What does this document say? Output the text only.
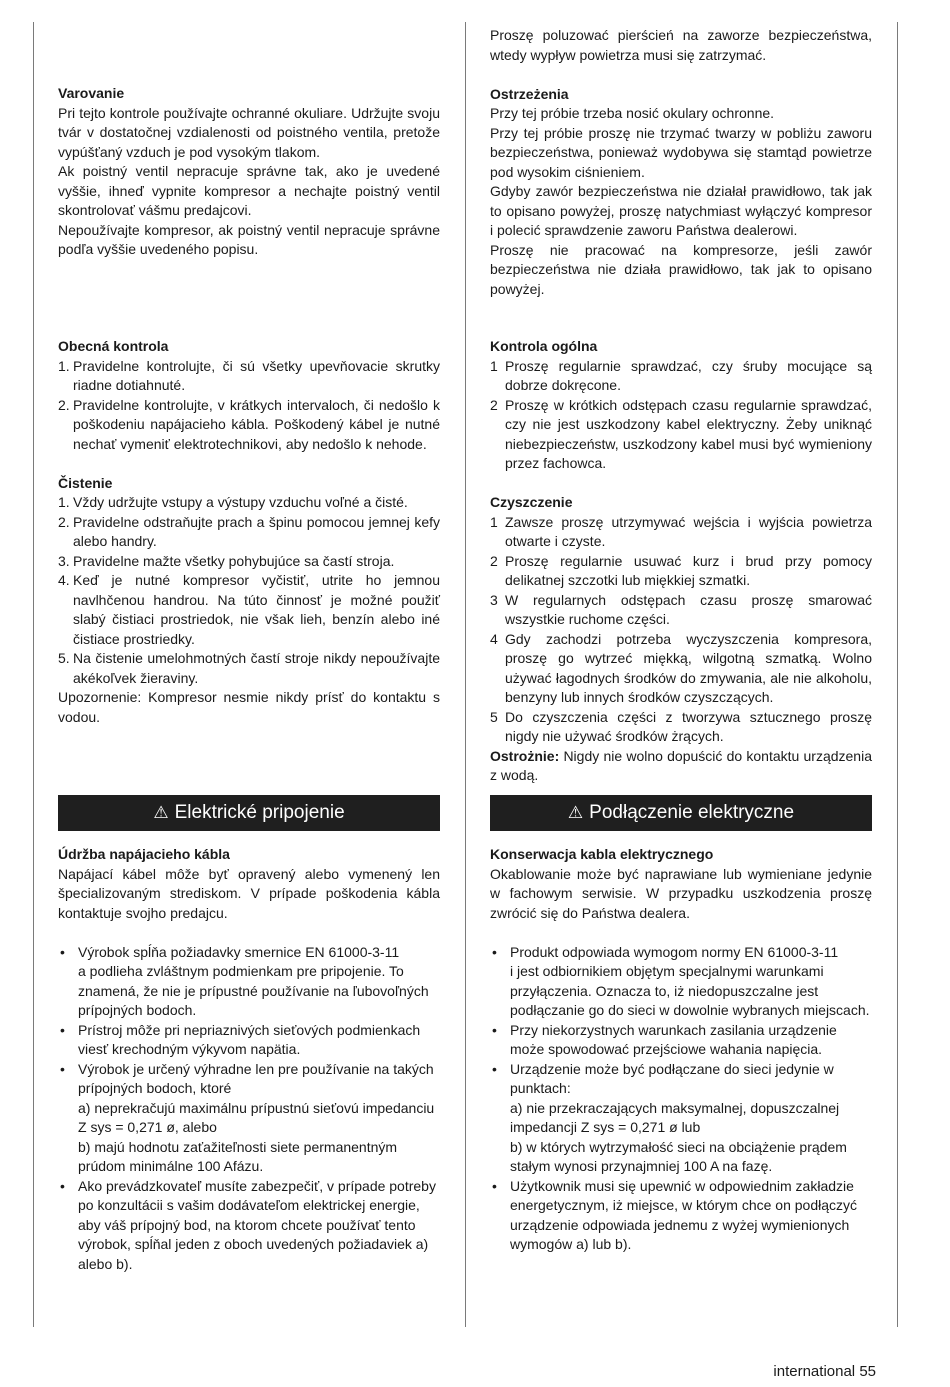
Varovanie

Pri tejto kontrole používajte ochranné okuliare. Udržujte svoju tvár v dostatočnej vzdialenosti od poistného ventila, pretože vypúšťaný vzduch je pod vysokým tlakom.

Ak poistný ventil nepracuje správne tak, ako je uvedené vyššie, ihneď vypnite kompresor a nechajte poistný ventil skontrolovať vášmu predajcovi.

Nepoužívajte kompresor, ak poistný ventil nepracuje správne podľa vyššie uvedeného popisu.

Obecná kontrola

1. Pravidelne kontrolujte, či sú všetky upevňovacie skrutky riadne dotiahnuté.
2. Pravidelne kontrolujte, v krátkych intervaloch, či nedošlo k poškodeniu napájacieho kábla. Poškodený kábel je nutné nechať vymeniť elektrotechnikovi, aby nedošlo k nehode.

Čistenie

1. Vždy udržujte vstupy a výstupy vzduchu voľné a čisté.
2. Pravidelne odstraňujte prach a špinu pomocou jemnej kefy alebo handry.
3. Pravidelne mažte všetky pohybujúce sa častí stroja.
4. Keď je nutné kompresor vyčistiť, utrite ho jemnou navlhčenou handrou. Na túto činnosť je možné použiť slabý čistiaci prostriedok, nie však lieh, benzín alebo iné čistiace prostriedky.
5. Na čistenie umelohmotných častí stroje nikdy nepoužívajte akékoľvek žieraviny.

Upozornenie: Kompresor nesmie nikdy prísť do kontaktu s vodou.

⚠ Elektrické pripojenie

Údržba napájacieho kábla

Napájací kábel môže byť opravený alebo vymenený len špecializovaným strediskom. V prípade poškodenia kábla kontaktuje svojho predajcu.

• Výrobok spĺňa požiadavky smernice EN 61000-3-11
a podlieha zvláštnym podmienkam pre pripojenie. To znamená, že nie je prípustné používanie na ľubovoľných prípojných bodoch.
• Prístroj môže pri nepriaznivých sieťových podmienkach viesť krechodným výkyvom napätia.
• Výrobok je určený výhradne len pre používanie na takých prípojných bodoch, ktoré
a) neprekračujú maximálnu prípustnú sieťovú impedanciu Z sys = 0,271 ø, alebo
b) majú hodnotu zaťažiteľnosti siete permanentným prúdom minimálne 100 Afázu.
• Ako prevádzkovateľ musíte zabezpečiť, v prípade potreby po konzultácii s vašim dodávateľom elektrickej energie, aby váš prípojný bod, na ktorom chcete používať tento výrobok, spĺňal jeden z oboch uvedených požiadaviek a) alebo b).

Proszę poluzować pierścień na zaworze bezpieczeństwa, wtedy wypływ powietrza musi się zatrzymać.

Ostrzeżenia

Przy tej próbie trzeba nosić okulary ochronne.

Przy tej próbie proszę nie trzymać twarzy w pobliżu zaworu bezpieczeństwa, ponieważ wydobywa się stamtąd powietrze pod wysokim ciśnieniem.

Gdyby zawór bezpieczeństwa nie działał prawidłowo, tak jak to opisano powyżej, proszę natychmiast wyłączyć kompresor i polecić sprawdzenie zaworu Państwa dealerowi.

Proszę nie pracować na kompresorze, jeśli zawór bezpieczeństwa nie działa prawidłowo, tak jak to opisano powyżej.

Kontrola ogólna

1 Proszę regularnie sprawdzać, czy śruby mocujące są dobrze dokręcone.
2 Proszę w krótkich odstępach czasu regularnie sprawdzać, czy nie jest uszkodzony kabel elektryczny. Żeby uniknąć niebezpieczeństw, uszkodzony kabel musi być wymieniony przez fachowca.

Czyszczenie

1 Zawsze proszę utrzymywać wejścia i wyjścia powietrza otwarte i czyste.
2 Proszę regularnie usuwać kurz i brud przy pomocy delikatnej szczotki lub miękkiej szmatki.
3 W regularnych odstępach czasu proszę smarować wszystkie ruchome części.
4 Gdy zachodzi potrzeba wyczyszczenia kompresora, proszę go wytrzeć miękką, wilgotną szmatką. Wolno używać łagodnych środków do zmywania, ale nie alkoholu, benzyny lub innych środków czyszczących.
5 Do czyszczenia części z tworzywa sztucznego proszę nigdy nie używać środków żrących.

Ostrożnie: Nigdy nie wolno dopuścić do kontaktu urządzenia z wodą.

⚠ Podłączenie elektryczne

Konserwacja kabla elektrycznego

Okablowanie może być naprawiane lub wymieniane jedynie w fachowym serwisie. W przypadku uszkodzenia proszę zwrócić się do Państwa dealera.

• Produkt odpowiada wymogom normy EN 61000-3-11
i jest odbiornikiem objętym specjalnymi warunkami przyłączenia. Oznacza to, iż niedopuszczalne jest podłączanie go do sieci w dowolnie wybranych miejscach.
• Przy niekorzystnych warunkach zasilania urządzenie może spowodować przejściowe wahania napięcia.
• Urządzenie może być podłączane do sieci jedynie w punktach:
a) nie przekraczających maksymalnej, dopuszczalnej impedancji Z sys = 0,271 ø lub
b) w których wytrzymałość sieci na obciążenie prądem stałym wynosi przynajmniej 100 A na fazę.
• Użytkownik musi się upewnić w odpowiednim zakładzie energetycznym, iż miejsce, w którym chce on podłączyć urządzenie odpowiada jednemu z wyżej wymienionych wymogów a) lub b).
international 55
